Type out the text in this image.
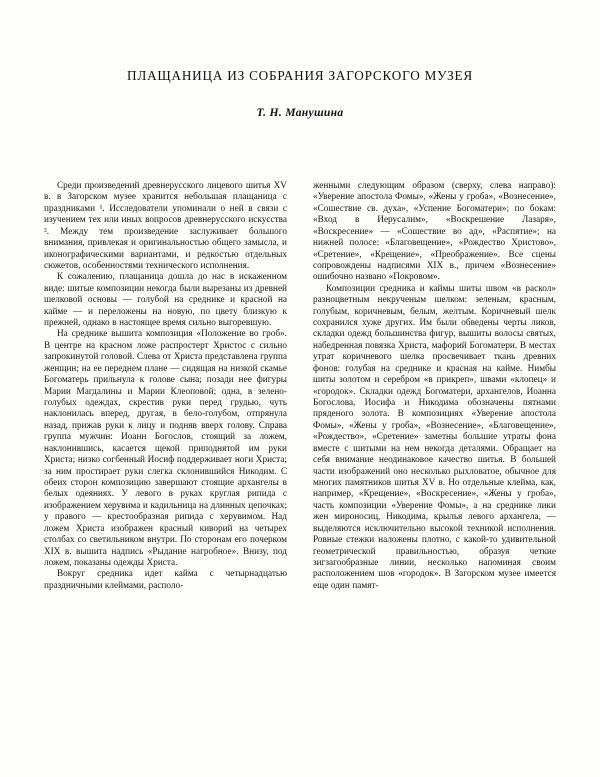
ПЛАЩАНИЦА ИЗ СОБРАНИЯ ЗАГОРСКОГО МУЗЕЯ

Т. Н. Манушина

Среди произведений древнерусского лицевого шитья XV в. в Загорском музее хранится небольшая плащаница с праздниками ¹. Исследователи упоминали о ней в связи с изучением тех или иных вопросов древнерусского искусства ². Между тем произведение заслуживает большого внимания, привлекая и оригинальностью общего замысла, и иконографическими вариантами, и редкостью отдельных сюжетов, особенностями технического исполнения.

К сожалению, плащаница дошла до нас в искаженном виде: шитые композиции некогда были вырезаны из древней шелковой основы — голубой на среднике и красной на кайме — и переложены на новую, по цвету близкую к прежней, однако в настоящее время сильно выгоревшую.

На среднике вышита композиция «Положение во гроб». В центре на красном ложе распростерт Христос с сильно запрокинутой головой. Слева от Христа представлена группа женщин; на ее переднем плане — сидящая на низкой скамье Богоматерь прильнула к голове сына; позади нее фигуры Марии Магдалины и Марии Клеоповой; одна, в зелено-голубых одеждах, скрестив руки перед грудью, чуть наклонилась вперед, другая, в бело-голубом, отпрянула назад, прижав руки к лицу и подняв вверх голову. Справа группа мужчин: Иоанн Богослов, стоящий за ложем, наклонившись, касается щекой приподнятой им руки Христа; низко согбенный Иосиф поддерживает ноги Христа; за ним простирает руки слегка склонившийся Никодим. С обеих сторон композицию завершают стоящие архангелы в белых одеяниях. У левого в руках круглая рипида с изображением херувима и кадильница на длинных цепочках; у правого — крестообразная рипида с херувимом. Над ложем Христа изображен красный киворий на четырех столбах со светильником внутри. По сторонам его почерком XIX в. вышита надпись «Рыдание нагробное». Внизу, под ложем, показаны одежды Христа.

Вокруг средника идет кайма с четырнадцатью праздничными клеймами, располо-

женными следующим образом (сверху, слева направо): «Уверение апостола Фомы», «Жены у гроба», «Вознесение», «Сошествие св. духа», «Успение Богоматери»; по бокам: «Вход в Иерусалим», «Воскрешение Лазаря», «Воскресение» — «Сошествие во ад», «Распятие»; на нижней полосе: «Благовещение», «Рождество Христово», «Сретение», «Крещение», «Преображение». Все сцены сопровождены надписями XIX в., причем «Вознесение» ошибочно названо «Покровом».

Композиции средника и каймы шиты швом «в раскол» разноцветным некрученым шелком: зеленым, красным, голубым, коричневым, белым, желтым. Коричневый шелк сохранился хуже других. Им были обведены черты ликов, складки одежд большинства фигур, вышиты волосы святых, набедренная повязка Христа, мафорий Богоматери. В местах утрат коричневого шелка просвечивает ткань древних фонов: голубая на среднике и красная на кайме. Нимбы шиты золотом и серебром «в прикреп», швами «клопец» и «городок». Складки одежд Богоматери, архангелов, Иоанна Богослова, Иосифа и Никодима обозначены пятнами пряденого золота. В композициях «Уверение апостола Фомы», «Жены у гроба», «Вознесение», «Благовещение», «Рождество», «Сретение» заметны большие утраты фона вместе с шитыми на нем некогда деталями. Обращает на себя внимание неодинаковое качество шитья. В большей части изображений оно несколько рыхловатое, обычное для многих памятников шитья XV в. Но отдельные клейма, как, например, «Крещение», «Воскресение», «Жены у гроба», часть композиции «Уверение Фомы», а на среднике лики жен мироносиц, Никодима, крылья левого архангела, — выделяются исключительно высокой техникой исполнения. Ровные стежки наложены плотно, с какой-то удивительной геометрической правильностью, образуя четкие зигзагообразные линии, несколько напоминая своим расположением шов «городок». В Загорском музее имеется еще один памят-
